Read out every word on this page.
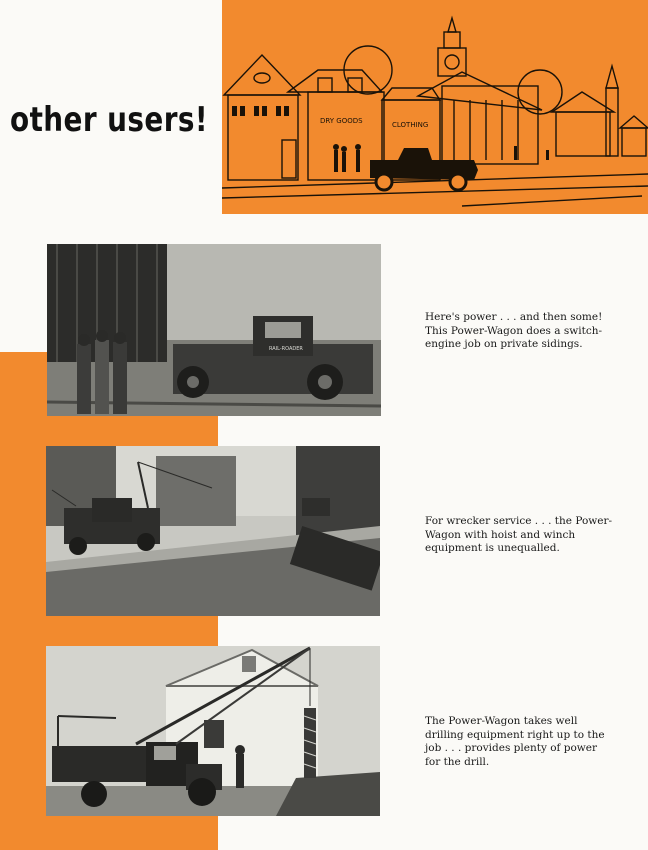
other users!	DRY GOODS	CLOTHING
RAIL-ROADER
Here's power . . . and then some! This Power-Wagon does a switch-engine job on private sidings.
For wrecker service . . . the Power-Wagon with hoist and winch equipment is unequalled.
The Power-Wagon takes well drilling equipment right up to the job . . . provides plenty of power for the drill.
